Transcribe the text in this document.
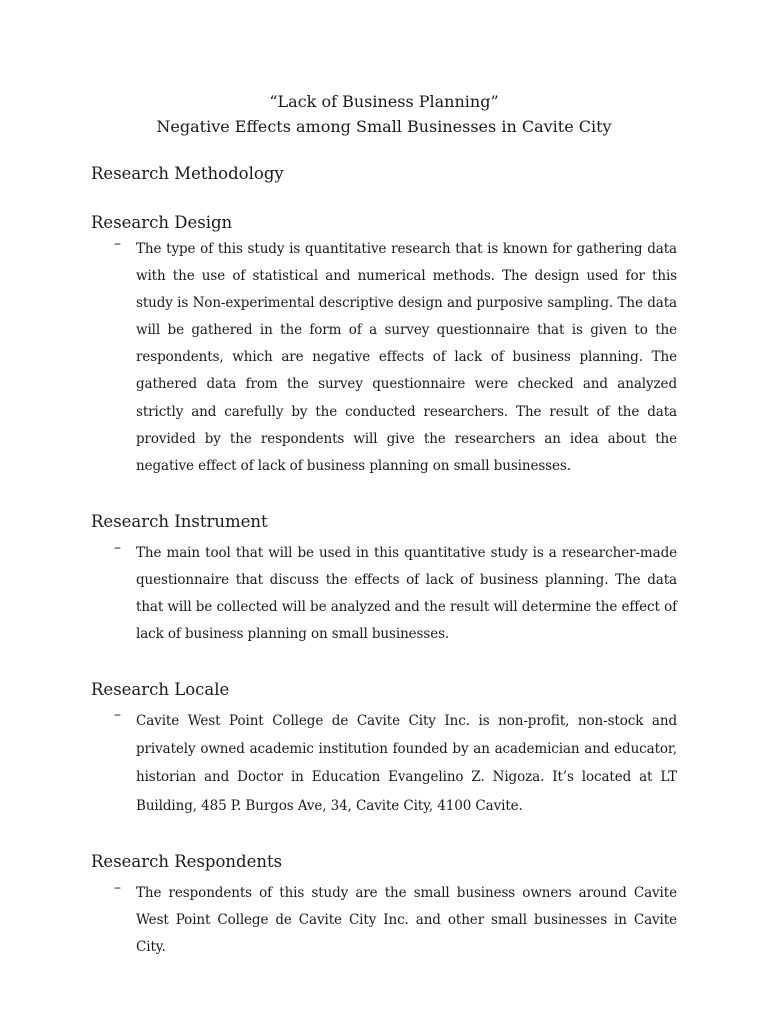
“Lack of Business Planning”
Negative Effects among Small Businesses in Cavite City
Research Methodology
Research Design
– The type of this study is quantitative research that is known for gathering data with the use of statistical and numerical methods. The design used for this study is Non-experimental descriptive design and purposive sampling. The data will be gathered in the form of a survey questionnaire that is given to the respondents, which are negative effects of lack of business planning. The gathered data from the survey questionnaire were checked and analyzed strictly and carefully by the conducted researchers. The result of the data provided by the respondents will give the researchers an idea about the negative effect of lack of business planning on small businesses.

Research Instrument
– The main tool that will be used in this quantitative study is a researcher-made questionnaire that discuss the effects of lack of business planning. The data that will be collected will be analyzed and the result will determine the effect of lack of business planning on small businesses.

Research Locale
– Cavite West Point College de Cavite City Inc. is non-profit, non-stock and privately owned academic institution founded by an academician and educator, historian and Doctor in Education Evangelino Z. Nigoza. It’s located at LT Building, 485 P. Burgos Ave, 34, Cavite City, 4100 Cavite.

Research Respondents
– The respondents of this study are the small business owners around Cavite West Point College de Cavite City Inc. and other small businesses in Cavite City.
